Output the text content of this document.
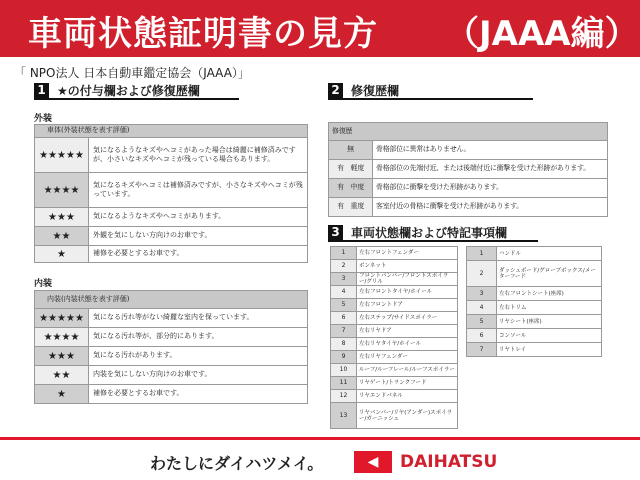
車両状態証明書の見方 （JAAA編）
「 NPO法人 日本自動車鑑定協会（JAAA）」
1 ★の付与欄および修復歴欄	2 修復歴欄
3 車両状態欄および特記事項欄
外装
車体(外装状態を表す評価)	
★★★★★	気になるようなキズやヘコミがあった場合は綺麗に補修済みですが、小さいなキズやヘコミが残っている場合もあります。
★★★★	気になるキズやヘコミは補修済みですが、小さなキズやヘコミが残っています。
★★★	気になるようなキズやヘコミがあります。
★★	外観を気にしない方向けのお車です。
★	補修を必要とするお車です。
内装
内装(内装状態を表す評価)	
★★★★★	気になる汚れ等がない綺麗な室内を保っています。
★★★★	気になる汚れ等が、部分的にあります。
★★★	気になる汚れがあります。
★★	内装を気にしない方向けのお車です。
★	補修を必要とするお車です。
修復歴	
無	骨格部位に異常はありません。
有　軽度	骨格部位の先端付近、または後端付近に衝撃を受けた形跡があります。
有　中度	骨格部位に衝撃を受けた形跡があります。
有　重度	客室付近の骨格に衝撃を受けた形跡があります。
1	左右フロントフェンダー
2	ボンネット
3	フロントバンパー/フロントスポイラー/グリル
4	左右フロントタイヤ/ホイール
5	左右フロントドア
6	左右ステップ/サイドスポイラー
7	左右リヤドア
8	左右リヤタイヤ/ホイール
9	左右リヤフェンダー
10	ルーフ/ルーフレール/ルーフスポイラー
11	リヤゲート/トランクフード
12	リヤエンドパネル
13	リヤバンパー/リヤ(アンダー)スポイラー/ガーニッシュ
1	ハンドル
2	ダッシュボード/グローブボックス/メーターフード
3	左右フロントシート(座席)
4	左右トリム
5	リヤシート(座席)
6	コンソール
7	リヤトレイ
わたしにダイハツメイ。	◀	DAIHATSU
